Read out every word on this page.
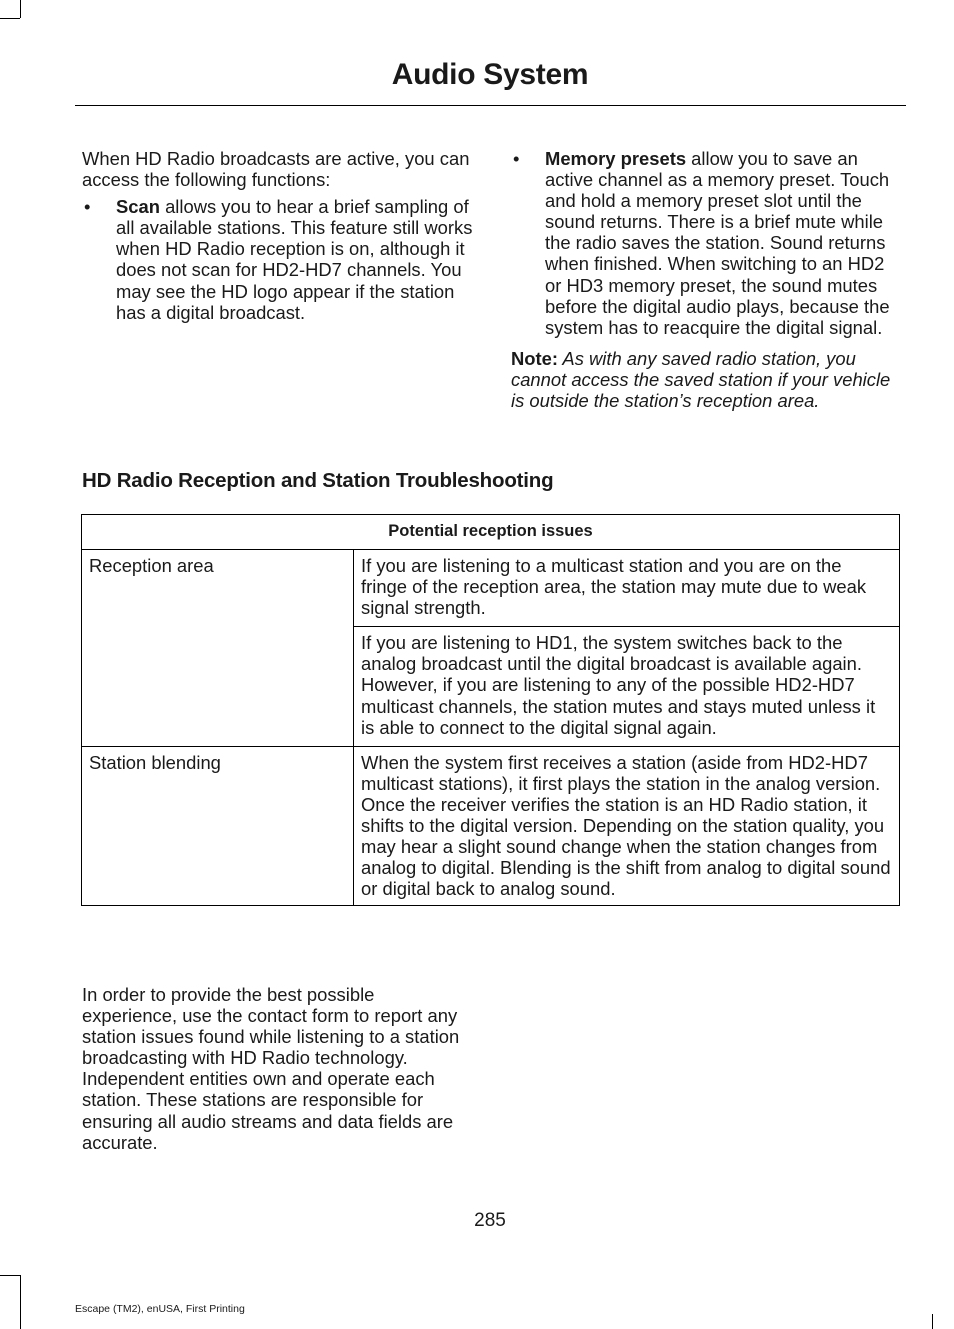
Audio System

When HD Radio broadcasts are active, you can access the following functions:

• Scan allows you to hear a brief sampling of all available stations. This feature still works when HD Radio reception is on, although it does not scan for HD2-HD7 channels. You may see the HD logo appear if the station has a digital broadcast.
• Memory presets allow you to save an active channel as a memory preset. Touch and hold a memory preset slot until the sound returns. There is a brief mute while the radio saves the station. Sound returns when finished. When switching to an HD2 or HD3 memory preset, the sound mutes before the digital audio plays, because the system has to reacquire the digital signal.

Note: As with any saved radio station, you cannot access the saved station if your vehicle is outside the station’s reception area.

HD Radio Reception and Station Troubleshooting
Potential reception issues	
Reception area	If you are listening to a multicast station and you are on the fringe of the reception area, the station may mute due to weak signal strength.
	If you are listening to HD1, the system switches back to the analog broadcast until the digital broadcast is available again. However, if you are listening to any of the possible HD2-HD7 multicast channels, the station mutes and stays muted unless it is able to connect to the digital signal again.
Station blending	When the system first receives a station (aside from HD2-HD7 multicast stations), it first plays the station in the analog version. Once the receiver verifies the station is an HD Radio station, it shifts to the digital version. Depending on the station quality, you may hear a slight sound change when the station changes from analog to digital. Blending is the shift from analog to digital sound or digital back to analog sound.
In order to provide the best possible experience, use the contact form to report any station issues found while listening to a station broadcasting with HD Radio technology. Independent entities own and operate each station. These stations are responsible for ensuring all audio streams and data fields are accurate.
285
Escape (TM2), enUSA, First Printing
